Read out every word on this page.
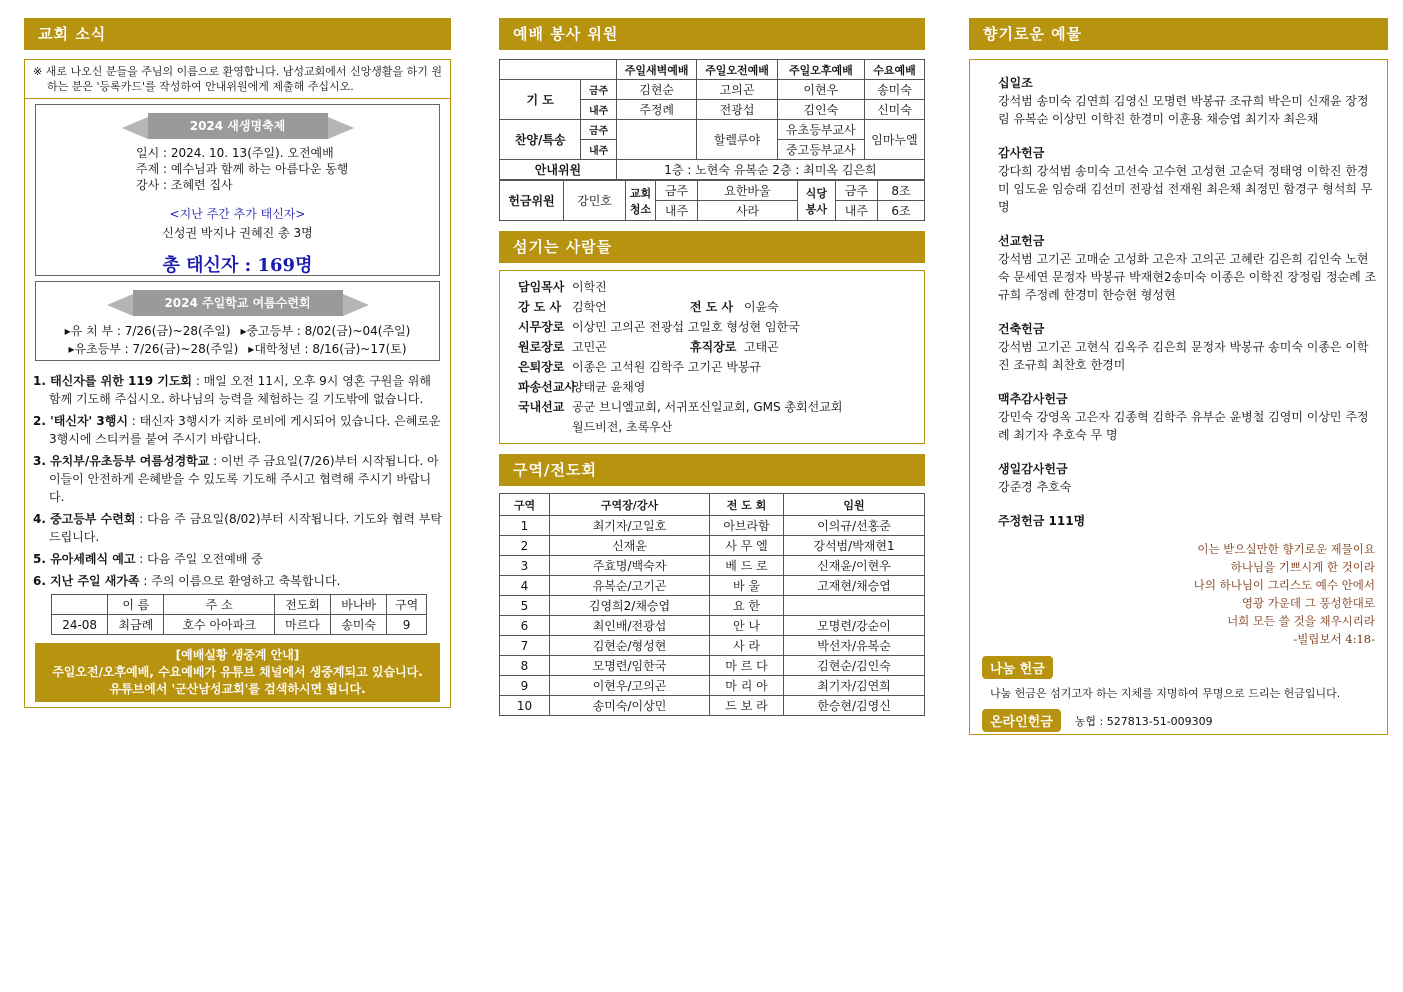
교회 소식
※ 새로 나오신 분들을 주님의 이름으로 환영합니다. 남성교회에서 신앙생활을 하기 원하는 분은 '등록카드'를 작성하여 안내위원에게 제출해 주십시오.
2024 새생명축제
일시 : 2024. 10. 13(주일). 오전예배
주제 : 예수님과 함께 하는 아름다운 동행
강사 : 조혜련 집사
<지난 주간 추가 태신자>
신성권 박지나 권혜진 총 3명
총 태신자 : 169명
2024 주일학교 여름수련회
▸유 치 부 : 7/26(금)~28(주일) ▸중고등부 : 8/02(금)~04(주일)
▸유초등부 : 7/26(금)~28(주일) ▸대학청년 : 8/16(금)~17(토)
1. 태신자를 위한 119 기도회 : 매일 오전 11시, 오후 9시 영혼 구원을 위해 함께 기도해 주십시오. 하나님의 능력을 체험하는 길 기도밖에 없습니다.
2. '태신자' 3행시 : 태신자 3행시가 지하 로비에 게시되어 있습니다. 은혜로운 3행시에 스티커를 붙여 주시기 바랍니다.
3. 유치부/유초등부 여름성경학교 : 이번 주 금요일(7/26)부터 시작됩니다. 아이들이 안전하게 은혜받을 수 있도록 기도해 주시고 협력해 주시기 바랍니다.
4. 중고등부 수련회 : 다음 주 금요일(8/02)부터 시작됩니다. 기도와 협력 부탁드립니다.
5. 유아세례식 예고 : 다음 주일 오전예배 중
6. 지난 주일 새가족 : 주의 이름으로 환영하고 축복합니다.
	이 름	주 소	전도회	바나바	구역
24-08	최금례	호수 아아파크	마르다	송미숙	9
[예배실황 생중계 안내]
주일오전/오후예배, 수요예배가 유튜브 채널에서 생중계되고 있습니다.
유튜브에서 '군산남성교회'를 검색하시면 됩니다.
예배 봉사 위원
		주일새벽예배	주일오전예배	주일오후예배	수요예배
기 도	금주	김현순	고의곤	이현우	송미숙
	내주	주정례	전광섭	김인숙	신미숙
찬양/특송	금주		할렐루야	유초등부교사	임마누엘
	내주			중고등부교사	
안내위원		1층 : 노현숙 유복순 2층 : 최미옥 김은희			
헌금위원	강민호	교회 청소	금주	요한바울	식당 봉사	금주	8조
			내주	사라		내주	6조
섬기는 사람들
담임목사 이학진
강 도 사 김학언	전 도 사 이윤숙
시무장로 이상민 고의곤 전광섭 고일호 형성현 임한국
원로장로 고민곤	휴직장로 고태곤
은퇴장로 이종은 고석원 김학주 고기곤 박봉규
파송선교사
양태균 윤채영
국내선교 공군 브니엘교회, 서귀포신일교회, GMS 총회선교회
월드비전, 초록우산
구역/전도회
구역	구역장/강사	전 도 회	임원
1	최기자/고일호	아브라함	이의규/선홍준
2	신재윤	사 무 엘	강석범/박재현1
3	주효명/백숙자	베 드 로	신재윤/이현우
4	유복순/고기곤	바 울	고재현/채승엽
5	김영희2/채승엽	요 한	
6	최인배/전광섭	안 나	모명련/강순이
7	김현순/형성현	사 라	박선자/유복순
8	모명련/임한국	마 르 다	김현순/김인숙
9	이현우/고의곤	마 리 아	최기자/김연희
10	송미숙/이상민	드 보 라	한승현/김영신
향기로운 예물
십일조
강석범 송미숙 김연희 김영신 모명련 박봉규 조규희 박은미 신재윤 장정림 유복순 이상민 이학진 한경미 이훈용 채승엽 최기자 최은채
감사헌금
강다희 강석범 송미숙 고선숙 고수현 고성현 고순덕 정태영 이학진 한경미 임도윤 임승래 김선미 전광섭 전재원 최은채 최정민 함경구 형석희 무 명
선교헌금
강석범 고기곤 고매순 고성화 고은자 고의곤 고혜란 김은희 김인숙 노현숙 문세연 문정자 박봉규 박재현2송미숙 이종은 이학진 장정림 정순례 조규희 주정례 한경미 한승현 형성현
건축헌금
강석범 고기곤 고현식 김옥주 김은희 문정자 박봉규 송미숙 이종은 이학진 조규희 최찬호 한경미
맥추감사헌금
강민숙 강영옥 고은자 김종혁 김학주 유부순 윤병철 김영미 이상민 주정례 최기자 추호숙 무 명
생일감사헌금
강준경 추호숙
주정헌금 111명
이는 받으실만한 향기로운 제물이요
하나님을 기쁘시게 한 것이라
나의 하나님이 그리스도 예수 안에서
영광 가운데 그 풍성한대로
너희 모든 쓸 것을 채우시리라
-빌립보서 4:18-
나눔 헌금
나눔 헌금은 섬기고자 하는 지체를 지명하여 무명으로 드리는 헌금입니다.
온라인헌금	농협 : 527813-51-009309
